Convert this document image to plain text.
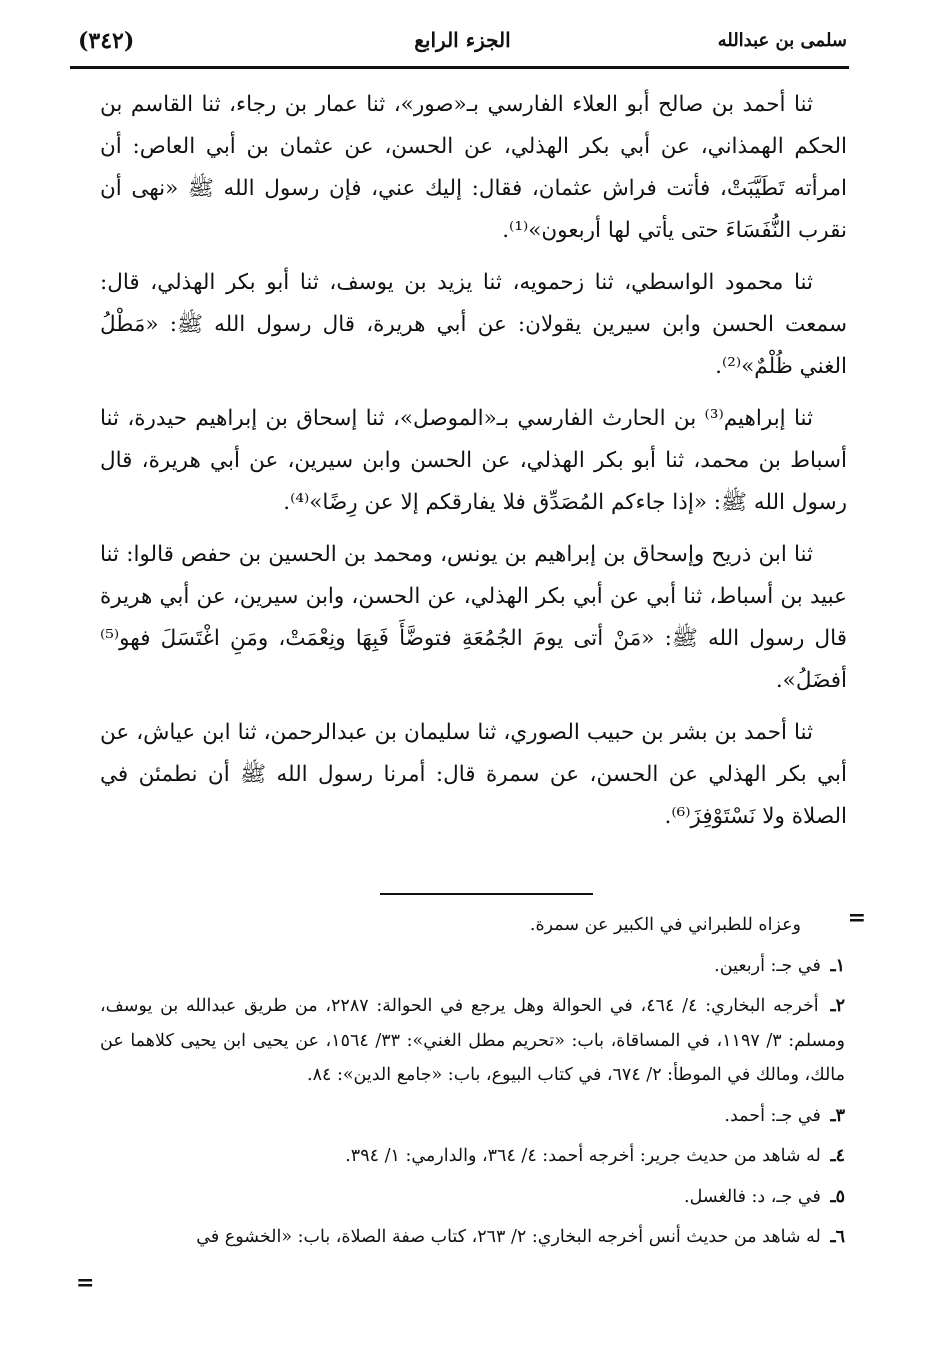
(٣٤٢)	الجزء الرابع	سلمى بن عبدالله

ثنا أحمد بن صالح أبو العلاء الفارسي بـ«صور»، ثنا عمار بن رجاء، ثنا القاسم بن الحكم الهمذاني، عن أبي بكر الهذلي، عن الحسن، عن عثمان بن أبي العاص: أن امرأته تَطَيَّبَتْ، فأتت فراش عثمان، فقال: إليك عني، فإن رسول الله ﷺ «نهى أن نقرب النُّفَسَاءَ حتى يأتي لها أربعون»⁽¹⁾.

ثنا محمود الواسطي، ثنا زحمويه، ثنا يزيد بن يوسف، ثنا أبو بكر الهذلي، قال: سمعت الحسن وابن سيرين يقولان: عن أبي هريرة، قال رسول الله ﷺ: «مَطْلُ الغني ظُلْمٌ»⁽²⁾.

ثنا إبراهيم⁽³⁾ بن الحارث الفارسي بـ«الموصل»، ثنا إسحاق بن إبراهيم حيدرة، ثنا أسباط بن محمد، ثنا أبو بكر الهذلي، عن الحسن وابن سيرين، عن أبي هريرة، قال رسول الله ﷺ: «إذا جاءكم المُصَدِّق فلا يفارقكم إلا عن رِضًا»⁽⁴⁾.

ثنا ابن ذريح وإسحاق بن إبراهيم بن يونس، ومحمد بن الحسين بن حفص قالوا: ثنا عبيد بن أسباط، ثنا أبي عن أبي بكر الهذلي، عن الحسن، وابن سيرين، عن أبي هريرة قال رسول الله ﷺ: «مَنْ أتى يومَ الجُمُعَةِ فتوضَّأَ فَبِهَا ونِعْمَتْ، ومَنِ اغْتَسَلَ فهو⁽⁵⁾ أفضَلُ».

ثنا أحمد بن بشر بن حبيب الصوري، ثنا سليمان بن عبدالرحمن، ثنا ابن عياش، عن أبي بكر الهذلي عن الحسن، عن سمرة قال: أمرنا رسول الله ﷺ أن نطمئن في الصلاة ولا نَسْتَوْفِزَ⁽⁶⁾.

=

وعزاه للطبراني في الكبير عن سمرة.

١ـ في جـ: أربعين.

٢ـ أخرجه البخاري: ٤/ ٤٦٤، في الحوالة وهل يرجع في الحوالة: ٢٢٨٧، من طريق عبدالله بن يوسف، ومسلم: ٣/ ١١٩٧، في المساقاة، باب: «تحريم مطل الغني»: ٣٣/ ١٥٦٤، عن يحيى ابن يحيى كلاهما عن مالك، ومالك في الموطأ: ٢/ ٦٧٤، في كتاب البيوع، باب: «جامع الدين»: ٨٤.

٣ـ في جـ: أحمد.

٤ـ له شاهد من حديث جرير: أخرجه أحمد: ٤/ ٣٦٤، والدارمي: ١/ ٣٩٤.

٥ـ في جـ، د: فالغسل.

٦ـ له شاهد من حديث أنس أخرجه البخاري: ٢/ ٢٦٣، كتاب صفة الصلاة، باب: «الخشوع في

=
